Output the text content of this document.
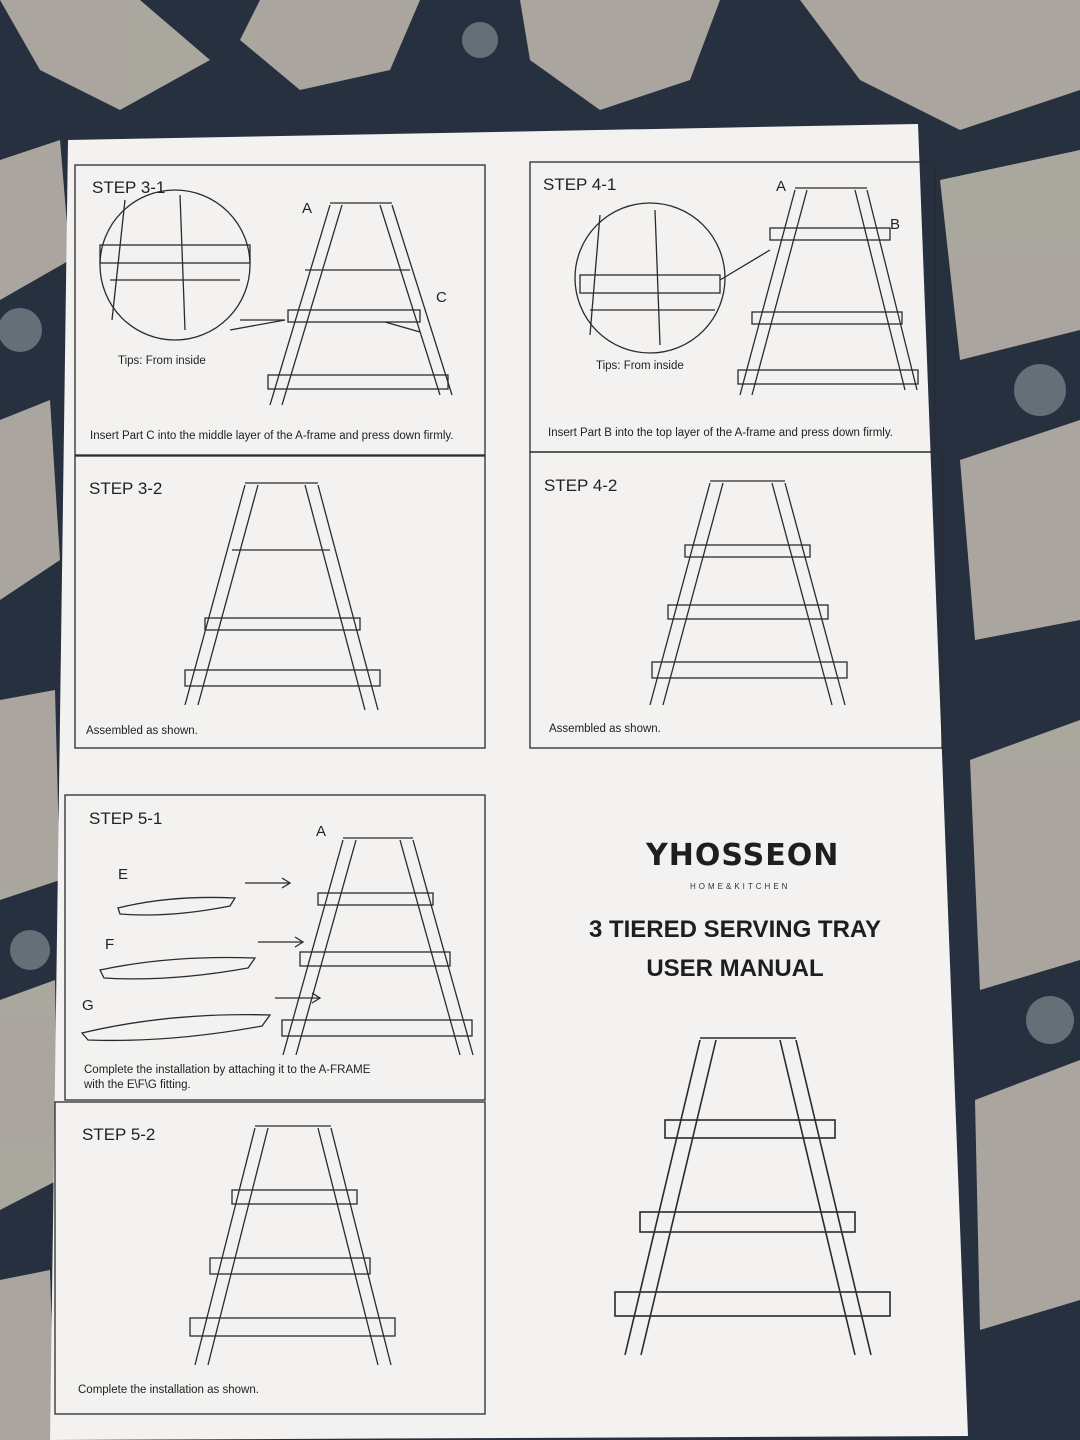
STEP 3-1
A
C
Tips: From inside
Insert Part C into the middle layer of the A-frame and press down firmly.
STEP 4-1	A
B
Tips: From inside
Insert Part B into the top layer of the A-frame and press down firmly.
STEP 3-2
Assembled as shown.
STEP 4-2
Assembled as shown.
STEP 5-1
A
E
F
G
Complete the installation by attaching it to the A-FRAME with the E\F\G fitting.
STEP 5-2
Complete the installation as shown.
YHOSSEON
HOME&KITCHEN
3 TIERED SERVING TRAY
USER MANUAL
